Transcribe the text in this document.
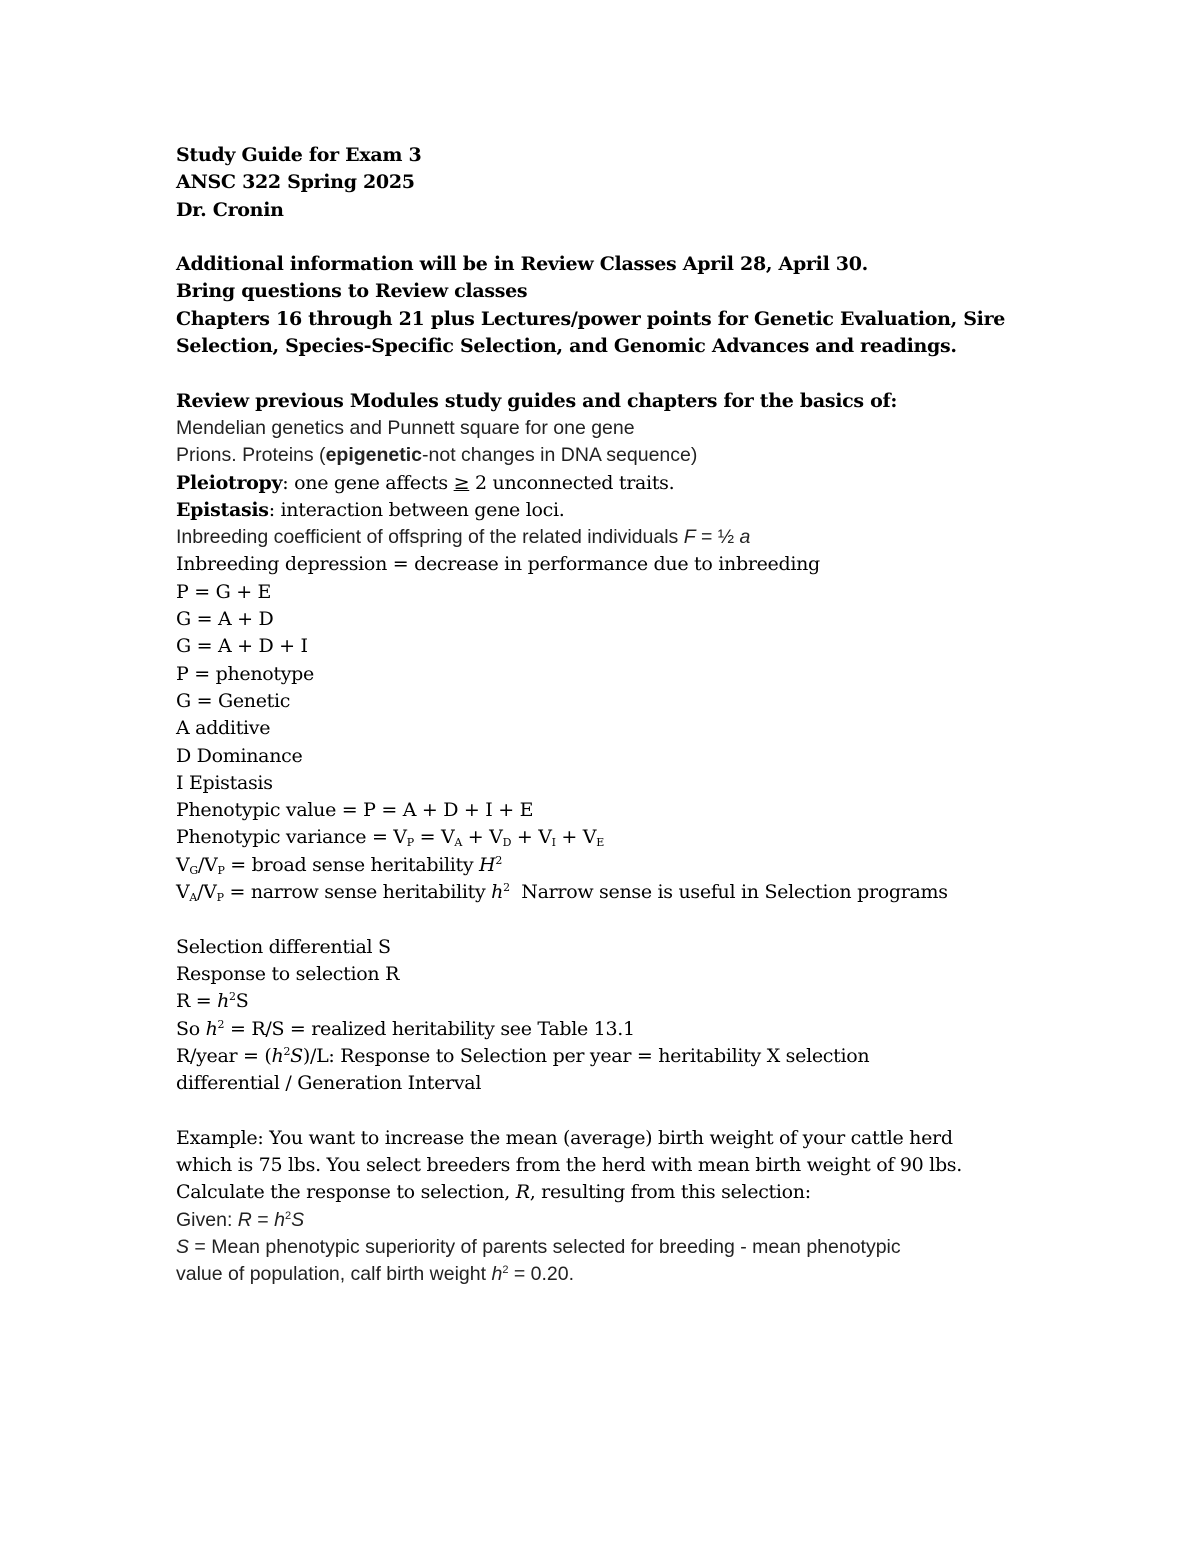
Study Guide for Exam 3
ANSC 322 Spring 2025
Dr. Cronin
Additional information will be in Review Classes April 28, April 30.
Bring questions to Review classes
Chapters 16 through 21 plus Lectures/power points for Genetic Evaluation, Sire
Selection, Species-Specific Selection, and Genomic Advances and readings.
Review previous Modules study guides and chapters for the basics of:
Mendelian genetics and Punnett square for one gene
Prions. Proteins (epigenetic-not changes in DNA sequence)
Pleiotropy: one gene affects ≥ 2 unconnected traits.
Epistasis: interaction between gene loci.
Inbreeding coefficient of offspring of the related individuals F = ½ a
Inbreeding depression = decrease in performance due to inbreeding
P = G + E
G = A + D
G = A + D + I
P = phenotype
G = Genetic
A additive
D Dominance
I Epistasis
Phenotypic value = P = A + D + I + E
Phenotypic variance = $V_P = V_A + V_D + V_I + V_E$
$V_G/V_P$ = broad sense heritability $H^2$
$V_A/V_P$ = narrow sense heritability $h^2$  Narrow sense is useful in Selection programs
Selection differential S
Response to selection R
$R = h^2S$
So $h^2 = R/S$ = realized heritability see Table 13.1
R/year = $(h^2S)/L$: Response to Selection per year = heritability X selection
differential / Generation Interval
Example: You want to increase the mean (average) birth weight of your cattle herd
which is 75 lbs. You select breeders from the herd with mean birth weight of 90 lbs.
Calculate the response to selection, R, resulting from this selection:
Given: $R = h^2S$
S = Mean phenotypic superiority of parents selected for breeding - mean phenotypic
value of population, calf birth weight $h^2 = 0.20$.
